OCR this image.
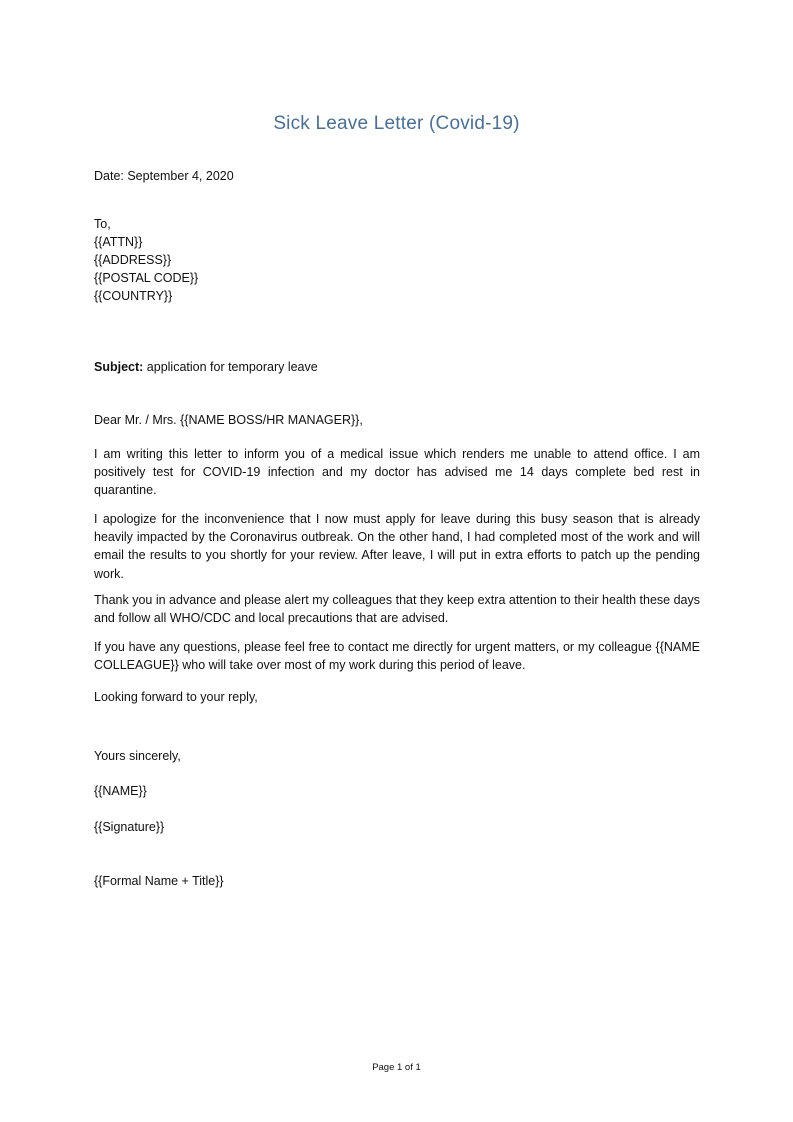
Sick Leave Letter (Covid-19)
Date: September 4, 2020
To,
{{ATTN}}
{{ADDRESS}}
{{POSTAL CODE}}
{{COUNTRY}}
Subject: application for temporary leave
Dear Mr. / Mrs. {{NAME BOSS/HR MANAGER}},
I am writing this letter to inform you of a medical issue which renders me unable to attend office. I am positively test for COVID-19 infection and my doctor has advised me 14 days complete bed rest in quarantine.
I apologize for the inconvenience that I now must apply for leave during this busy season that is already heavily impacted by the Coronavirus outbreak. On the other hand, I had completed most of the work and will email the results to you shortly for your review. After leave, I will put in extra efforts to patch up the pending work.
Thank you in advance and please alert my colleagues that they keep extra attention to their health these days and follow all WHO/CDC and local precautions that are advised.
If you have any questions, please feel free to contact me directly for urgent matters, or my colleague {{NAME COLLEAGUE}} who will take over most of my work during this period of leave.
Looking forward to your reply,
Yours sincerely,
{{NAME}}
{{Signature}}
{{Formal Name + Title}}
Page 1 of 1
